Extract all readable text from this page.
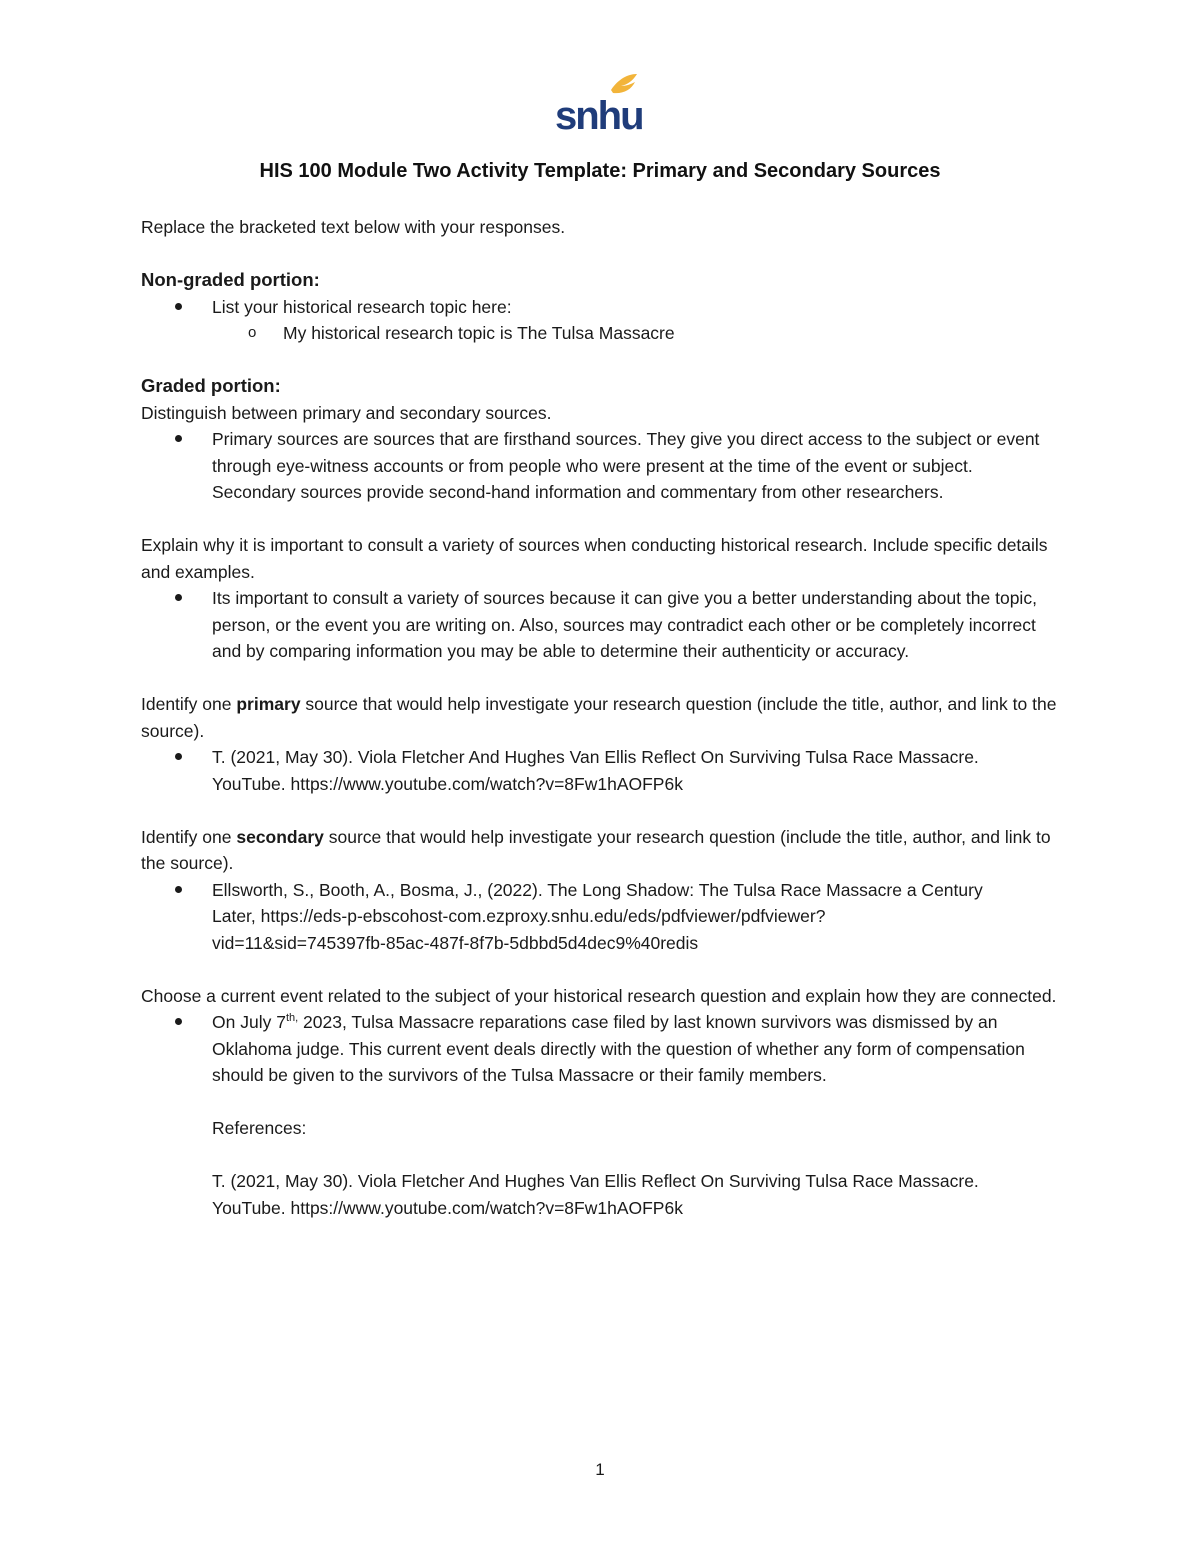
snhu
HIS 100 Module Two Activity Template: Primary and Secondary Sources

Replace the bracketed text below with your responses.

Non-graded portion:

List your historical research topic here:
o My historical research topic is The Tulsa Massacre

Graded portion:

Distinguish between primary and secondary sources.

Primary sources are sources that are firsthand sources. They give you direct access to the subject or event through eye-witness accounts or from people who were present at the time of the event or subject. Secondary sources provide second-hand information and commentary from other researchers.

Explain why it is important to consult a variety of sources when conducting historical research. Include specific details and examples.

Its important to consult a variety of sources because it can give you a better understanding about the topic, person, or the event you are writing on. Also, sources may contradict each other or be completely incorrect and by comparing information you may be able to determine their authenticity or accuracy.

Identify one primary source that would help investigate your research question (include the title, author, and link to the source).

T. (2021, May 30). Viola Fletcher And Hughes Van Ellis Reflect On Surviving Tulsa Race Massacre.
YouTube. https://www.youtube.com/watch?v=8Fw1hAOFP6k

Identify one secondary source that would help investigate your research question (include the title, author, and link to the source).

Ellsworth, S., Booth, A., Bosma, J., (2022). The Long Shadow: The Tulsa Race Massacre a Century
Later, https://eds-p-ebscohost-com.ezproxy.snhu.edu/eds/pdfviewer/pdfviewer?
vid=11&sid=745397fb-85ac-487f-8f7b-5dbbd5d4dec9%40redis

Choose a current event related to the subject of your historical research question and explain how they are connected.

On July $7^{th,}$ 2023, Tulsa Massacre reparations case filed by last known survivors was dismissed by an Oklahoma judge. This current event deals directly with the question of whether any form of compensation should be given to the survivors of the Tulsa Massacre or their family members.
References:
T. (2021, May 30). Viola Fletcher And Hughes Van Ellis Reflect On Surviving Tulsa Race Massacre.
YouTube. https://www.youtube.com/watch?v=8Fw1hAOFP6k
1
